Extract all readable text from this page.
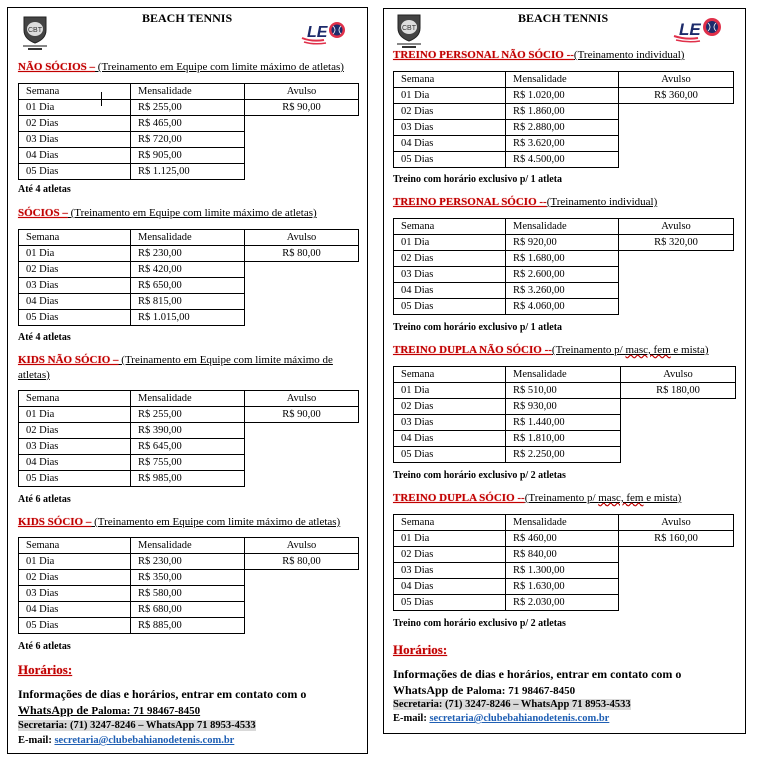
CBT
BEACH TENNIS
LE
NÃO SÓCIOS – (Treinamento em Equipe com limite máximo de atletas)
Semana	Mensalidade	Avulso
01 Dia	R$ 255,00	R$ 90,00
02 Dias	R$ 465,00	
03 Dias	R$ 720,00	
04 Dias	R$ 905,00	
05 Dias	R$ 1.125,00	
Até 4 atletas
SÓCIOS – (Treinamento em Equipe com limite máximo de atletas)
Semana	Mensalidade	Avulso
01 Dia	R$ 230,00	R$ 80,00
02 Dias	R$ 420,00	
03 Dias	R$ 650,00	
04 Dias	R$ 815,00	
05 Dias	R$ 1.015,00	
Até 4 atletas
KIDS NÃO SÓCIO – (Treinamento em Equipe com limite máximo de
atletas)
Semana	Mensalidade	Avulso
01 Dia	R$ 255,00	R$ 90,00
02 Dias	R$ 390,00	
03 Dias	R$ 645,00	
04 Dias	R$ 755,00	
05 Dias	R$ 985,00	
Até 6 atletas
KIDS SÓCIO – (Treinamento em Equipe com limite máximo de atletas)
Semana	Mensalidade	Avulso
01 Dia	R$ 230,00	R$ 80,00
02 Dias	R$ 350,00	
03 Dias	R$ 580,00	
04 Dias	R$ 680,00	
05 Dias	R$ 885,00	
Até 6 atletas
Horários:
Informações de dias e horários, entrar em contato com o
WhatsApp de Paloma: 71 98467-8450
Secretaria: (71) 3247-8246 – WhatsApp 71 8953-4533
E-mail: secretaria@clubebahianodetenis.com.br
CBT
BEACH TENNIS
LE
TREINO PERSONAL NÃO SÓCIO --(Treinamento individual)
Semana	Mensalidade	Avulso
01 Dia	R$ 1.020,00	R$ 360,00
02 Dias	R$ 1.860,00	
03 Dias	R$ 2.880,00	
04 Dias	R$ 3.620,00	
05 Dias	R$ 4.500,00	
Treino com horário exclusivo p/ 1 atleta
TREINO PERSONAL SÓCIO --(Treinamento individual)
Semana	Mensalidade	Avulso
01 Dia	R$ 920,00	R$ 320,00
02 Dias	R$ 1.680,00	
03 Dias	R$ 2.600,00	
04 Dias	R$ 3.260,00	
05 Dias	R$ 4.060,00	
Treino com horário exclusivo p/ 1 atleta
TREINO DUPLA NÃO SÓCIO --(Treinamento p/ masc, fem e mista)
Semana	Mensalidade	Avulso
01 Dia	R$ 510,00	R$ 180,00
02 Dias	R$ 930,00	
03 Dias	R$ 1.440,00	
04 Dias	R$ 1.810,00	
05 Dias	R$ 2.250,00	
Treino com horário exclusivo p/ 2 atletas
TREINO DUPLA SÓCIO --(Treinamento p/ masc, fem e mista)
Semana	Mensalidade	Avulso
01 Dia	R$ 460,00	R$ 160,00
02 Dias	R$ 840,00	
03 Dias	R$ 1.300,00	
04 Dias	R$ 1.630,00	
05 Dias	R$ 2.030,00	
Treino com horário exclusivo p/ 2 atletas
Horários:
Informações de dias e horários, entrar em contato com o
WhatsApp de Paloma: 71 98467-8450
Secretaria: (71) 3247-8246 – WhatsApp 71 8953-4533
E-mail: secretaria@clubebahianodetenis.com.br
